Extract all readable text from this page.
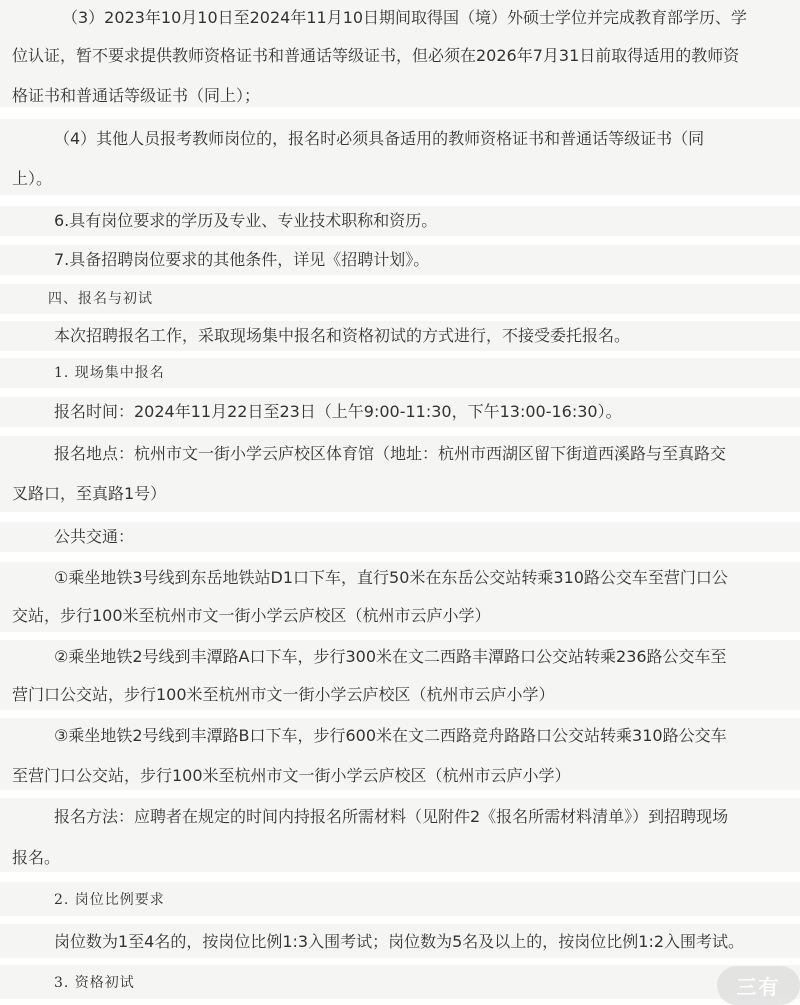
（3）2023年10月10日至2024年11月10日期间取得国（境）外硕士学位并完成教育部学历、学
位认证，暂不要求提供教师资格证书和普通话等级证书，但必须在2026年7月31日前取得适用的教师资
格证书和普通话等级证书（同上）；
（4）其他人员报考教师岗位的，报名时必须具备适用的教师资格证书和普通话等级证书（同
上）。
6.具有岗位要求的学历及专业、专业技术职称和资历。
7.具备招聘岗位要求的其他条件，详见《招聘计划》。
四、报名与初试
本次招聘报名工作，采取现场集中报名和资格初试的方式进行，不接受委托报名。
1. 现场集中报名
报名时间：2024年11月22日至23日（上午9:00-11:30，下午13:00-16:30）。
报名地点：杭州市文一街小学云庐校区体育馆（地址：杭州市西湖区留下街道西溪路与至真路交
叉路口，至真路1号）
公共交通：
①乘坐地铁3号线到东岳地铁站D1口下车，直行50米在东岳公交站转乘310路公交车至营门口公
交站，步行100米至杭州市文一街小学云庐校区（杭州市云庐小学）
②乘坐地铁2号线到丰潭路A口下车，步行300米在文二西路丰潭路口公交站转乘236路公交车至
营门口公交站，步行100米至杭州市文一街小学云庐校区（杭州市云庐小学）
③乘坐地铁2号线到丰潭路B口下车，步行600米在文二西路竞舟路路口公交站转乘310路公交车
至营门口公交站，步行100米至杭州市文一街小学云庐校区（杭州市云庐小学）
报名方法：应聘者在规定的时间内持报名所需材料（见附件2《报名所需材料清单》）到招聘现场
报名。
2. 岗位比例要求
岗位数为1至4名的，按岗位比例1:3入围考试；岗位数为5名及以上的，按岗位比例1:2入围考试。
3. 资格初试	三有
